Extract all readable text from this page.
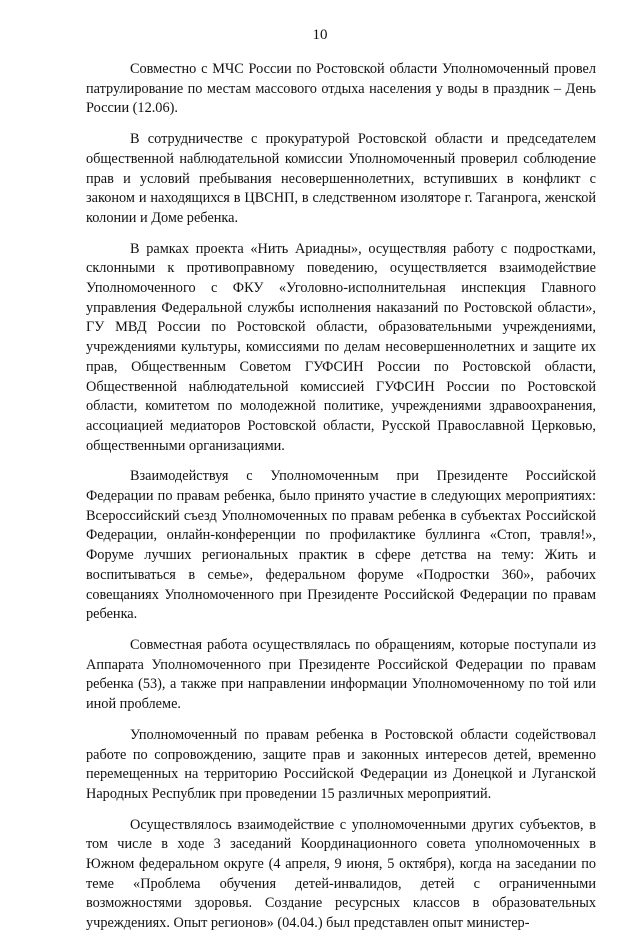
10

Совместно с МЧС России по Ростовской области Уполномоченный провел патрулирование по местам массового отдыха населения у воды в праздник – День России (12.06).

В сотрудничестве с прокуратурой Ростовской области и председателем общественной наблюдательной комиссии Уполномоченный проверил соблюдение прав и условий пребывания несовершеннолетних, вступивших в конфликт с законом и находящихся в ЦВСНП, в следственном изоляторе г. Таганрога, женской колонии и Доме ребенка.

В рамках проекта «Нить Ариадны», осуществляя работу с подростками, склонными к противоправному поведению, осуществляется взаимодействие Уполномоченного с ФКУ «Уголовно-исполнительная инспекция Главного управления Федеральной службы исполнения наказаний по Ростовской области», ГУ МВД России по Ростовской области, образовательными учреждениями, учреждениями культуры, комиссиями по делам несовершеннолетних и защите их прав, Общественным Советом ГУФСИН России по Ростовской области, Общественной наблюдательной комиссией ГУФСИН России по Ростовской области, комитетом по молодежной политике, учреждениями здравоохранения, ассоциацией медиаторов Ростовской области, Русской Православной Церковью, общественными организациями.

Взаимодействуя с Уполномоченным при Президенте Российской Федерации по правам ребенка, было принято участие в следующих мероприятиях: Всероссийский съезд Уполномоченных по правам ребенка в субъектах Российской Федерации, онлайн-конференции по профилактике буллинга «Стоп, травля!», Форуме лучших региональных практик в сфере детства на тему: Жить и воспитываться в семье», федеральном форуме «Подростки 360», рабочих совещаниях Уполномоченного при Президенте Российской Федерации по правам ребенка.

Совместная работа осуществлялась по обращениям, которые поступали из Аппарата Уполномоченного при Президенте Российской Федерации по правам ребенка (53), а также при направлении информации Уполномоченному по той или иной проблеме.

Уполномоченный по правам ребенка в Ростовской области содействовал работе по сопровождению, защите прав и законных интересов детей, временно перемещенных на территорию Российской Федерации из Донецкой и Луганской Народных Республик при проведении 15 различных мероприятий.

Осуществлялось взаимодействие с уполномоченными других субъектов, в том числе в ходе 3 заседаний Координационного совета уполномоченных в Южном федеральном округе (4 апреля, 9 июня, 5 октября), когда на заседании по теме «Проблема обучения детей-инвалидов, детей с ограниченными возможностями здоровья. Создание ресурсных классов в образовательных учреждениях. Опыт регионов» (04.04.) был представлен опыт министер-
